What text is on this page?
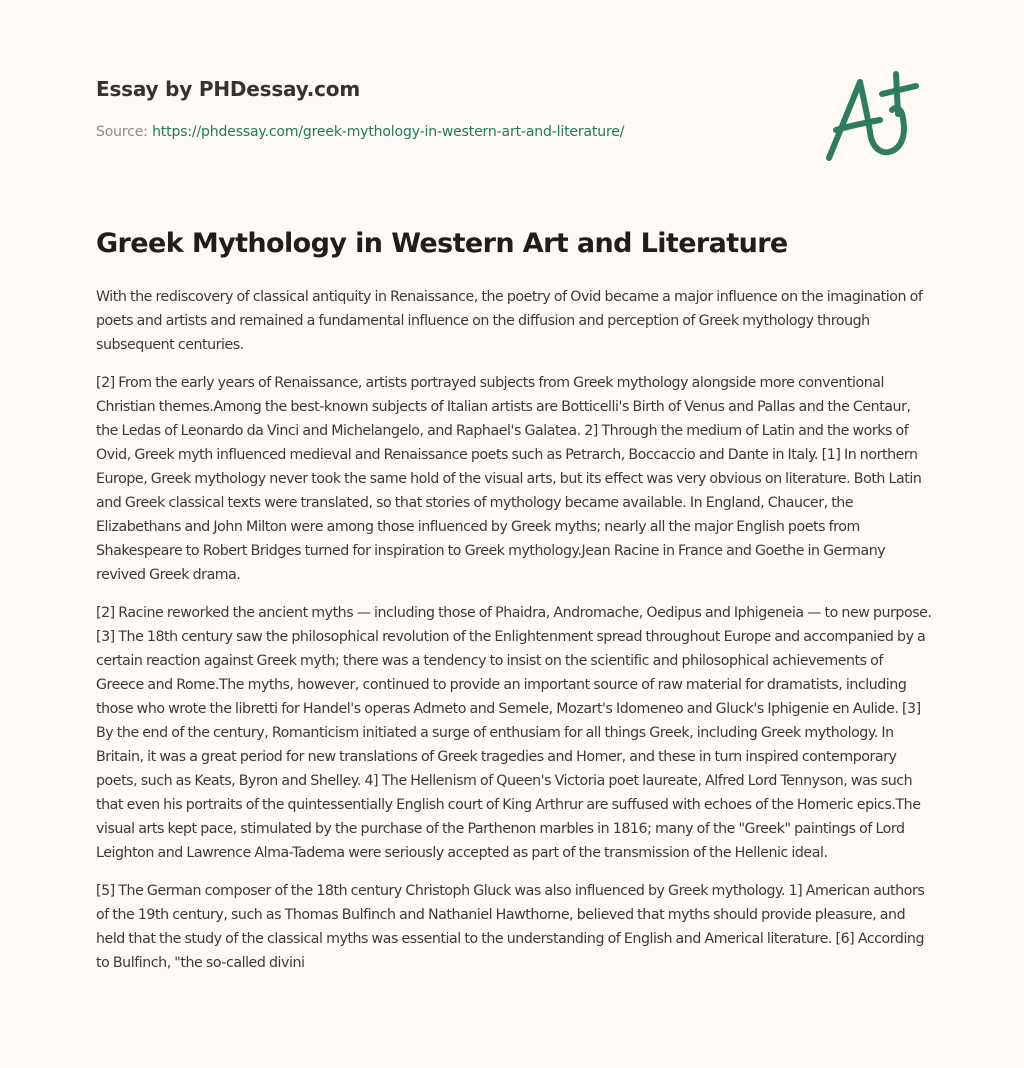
Essay by PHDessay.com
Source: https://phdessay.com/greek-mythology-in-western-art-and-literature/
Greek Mythology in Western Art and Literature

With the rediscovery of classical antiquity in Renaissance, the poetry of Ovid became a major influence on the imagination of poets and artists and remained a fundamental influence on the diffusion and perception of Greek mythology through subsequent centuries.

[2] From the early years of Renaissance, artists portrayed subjects from Greek mythology alongside more conventional Christian themes.Among the best-known subjects of Italian artists are Botticelli's Birth of Venus and Pallas and the Centaur, the Ledas of Leonardo da Vinci and Michelangelo, and Raphael's Galatea. 2] Through the medium of Latin and the works of Ovid, Greek myth influenced medieval and Renaissance poets such as Petrarch, Boccaccio and Dante in Italy. [1] In northern Europe, Greek mythology never took the same hold of the visual arts, but its effect was very obvious on literature. Both Latin and Greek classical texts were translated, so that stories of mythology became available. In England, Chaucer, the Elizabethans and John Milton were among those influenced by Greek myths; nearly all the major English poets from Shakespeare to Robert Bridges turned for inspiration to Greek mythology.Jean Racine in France and Goethe in Germany revived Greek drama.

[2] Racine reworked the ancient myths — including those of Phaidra, Andromache, Oedipus and Iphigeneia — to new purpose. [3] The 18th century saw the philosophical revolution of the Enlightenment spread throughout Europe and accompanied by a certain reaction against Greek myth; there was a tendency to insist on the scientific and philosophical achievements of Greece and Rome.The myths, however, continued to provide an important source of raw material for dramatists, including those who wrote the libretti for Handel's operas Admeto and Semele, Mozart's Idomeneo and Gluck's Iphigenie en Aulide. [3] By the end of the century, Romanticism initiated a surge of enthusiam for all things Greek, including Greek mythology. In Britain, it was a great period for new translations of Greek tragedies and Homer, and these in turn inspired contemporary poets, such as Keats, Byron and Shelley. 4] The Hellenism of Queen's Victoria poet laureate, Alfred Lord Tennyson, was such that even his portraits of the quintessentially English court of King Arthrur are suffused with echoes of the Homeric epics.The visual arts kept pace, stimulated by the purchase of the Parthenon marbles in 1816; many of the "Greek" paintings of Lord Leighton and Lawrence Alma-Tadema were seriously accepted as part of the transmission of the Hellenic ideal.

[5] The German composer of the 18th century Christoph Gluck was also influenced by Greek mythology. 1] American authors of the 19th century, such as Thomas Bulfinch and Nathaniel Hawthorne, believed that myths should provide pleasure, and held that the study of the classical myths was essential to the understanding of English and Americal literature. [6] According to Bulfinch, "the so-called divini
